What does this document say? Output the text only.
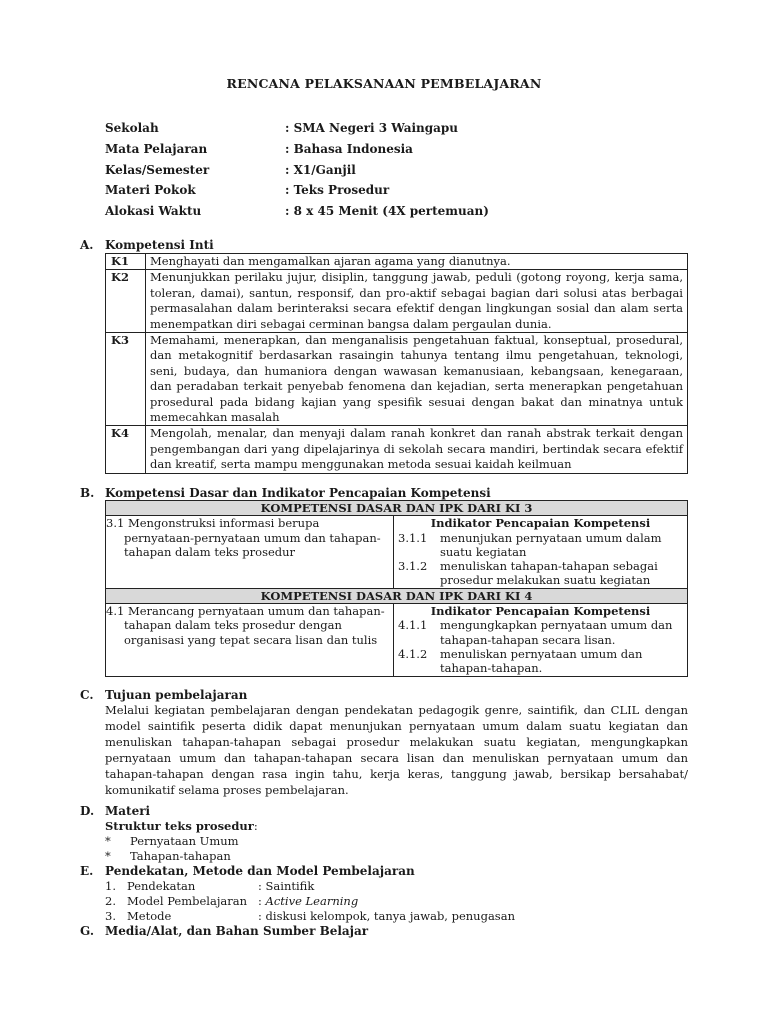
RENCANA PELAKSANAAN PEMBELAJARAN
Sekolah	: SMA Negeri 3 Waingapu
Mata Pelajaran	: Bahasa Indonesia
Kelas/Semester	: X1/Ganjil
Materi Pokok	: Teks Prosedur
Alokasi Waktu	: 8 x 45 Menit (4X pertemuan)
A. Kompetensi Inti
K1	Menghayati dan mengamalkan ajaran agama yang dianutnya.
K2	Menunjukkan perilaku jujur, disiplin, tanggung jawab, peduli (gotong royong, kerja sama, toleran, damai), santun, responsif, dan pro-aktif sebagai bagian dari solusi atas berbagai permasalahan dalam berinteraksi secara efektif dengan lingkungan sosial dan alam serta menempatkan diri sebagai cerminan bangsa dalam pergaulan dunia.
K3	Memahami, menerapkan, dan menganalisis pengetahuan faktual, konseptual, prosedural, dan metakognitif berdasarkan rasaingin tahunya tentang ilmu pengetahuan, teknologi, seni, budaya, dan humaniora dengan wawasan kemanusiaan, kebangsaan, kenegaraan, dan peradaban terkait penyebab fenomena dan kejadian, serta menerapkan pengetahuan prosedural pada bidang kajian yang spesifik sesuai dengan bakat dan minatnya untuk memecahkan masalah
K4	Mengolah, menalar, dan menyaji dalam ranah konkret dan ranah abstrak terkait dengan pengembangan dari yang dipelajarinya di sekolah secara mandiri, bertindak secara efektif dan kreatif, serta mampu menggunakan metoda sesuai kaidah keilmuan
B. Kompetensi Dasar dan Indikator Pencapaian Kompetensi
KOMPETENSI DASAR DAN IPK DARI KI 3	
3.1 Mengonstruksi informasi berupa pernyataan-pernyataan umum dan tahapan-tahapan dalam teks prosedur	Indikator Pencapaian Kompetensi
3.1.1 menunjukan pernyataan umum dalam suatu kegiatan
3.1.2 menuliskan tahapan-tahapan sebagai prosedur melakukan suatu kegiatan

KOMPETENSI DASAR DAN IPK DARI KI 4	
4.1 Merancang pernyataan umum dan tahapan-tahapan dalam teks prosedur dengan organisasi yang tepat secara lisan dan tulis	Indikator Pencapaian Kompetensi
4.1.1 mengungkapkan pernyataan umum dan tahapan-tahapan secara lisan.
4.1.2 menuliskan pernyataan umum dan tahapan-tahapan.
C. Tujuan pembelajaran
Melalui kegiatan pembelajaran dengan pendekatan pedagogik genre, saintifik, dan CLIL dengan model saintifik peserta didik dapat menunjukan pernyataan umum dalam suatu kegiatan dan menuliskan tahapan-tahapan sebagai prosedur melakukan suatu kegiatan, mengungkapkan pernyataan umum dan tahapan-tahapan secara lisan dan menuliskan pernyataan umum dan tahapan-tahapan dengan rasa ingin tahu, kerja keras, tanggung jawab, bersikap bersahabat/ komunikatif selama proses pembelajaran.
D. Materi
Struktur teks prosedur:
* Pernyataan Umum
* Tahapan-tahapan
E. Pendekatan, Metode dan Model Pembelajaran
1. Pendekatan	: Saintifik
2. Model Pembelajaran : Active Learning
3. Metode	: diskusi kelompok, tanya jawab, penugasan
G. Media/Alat, dan Bahan Sumber Belajar
